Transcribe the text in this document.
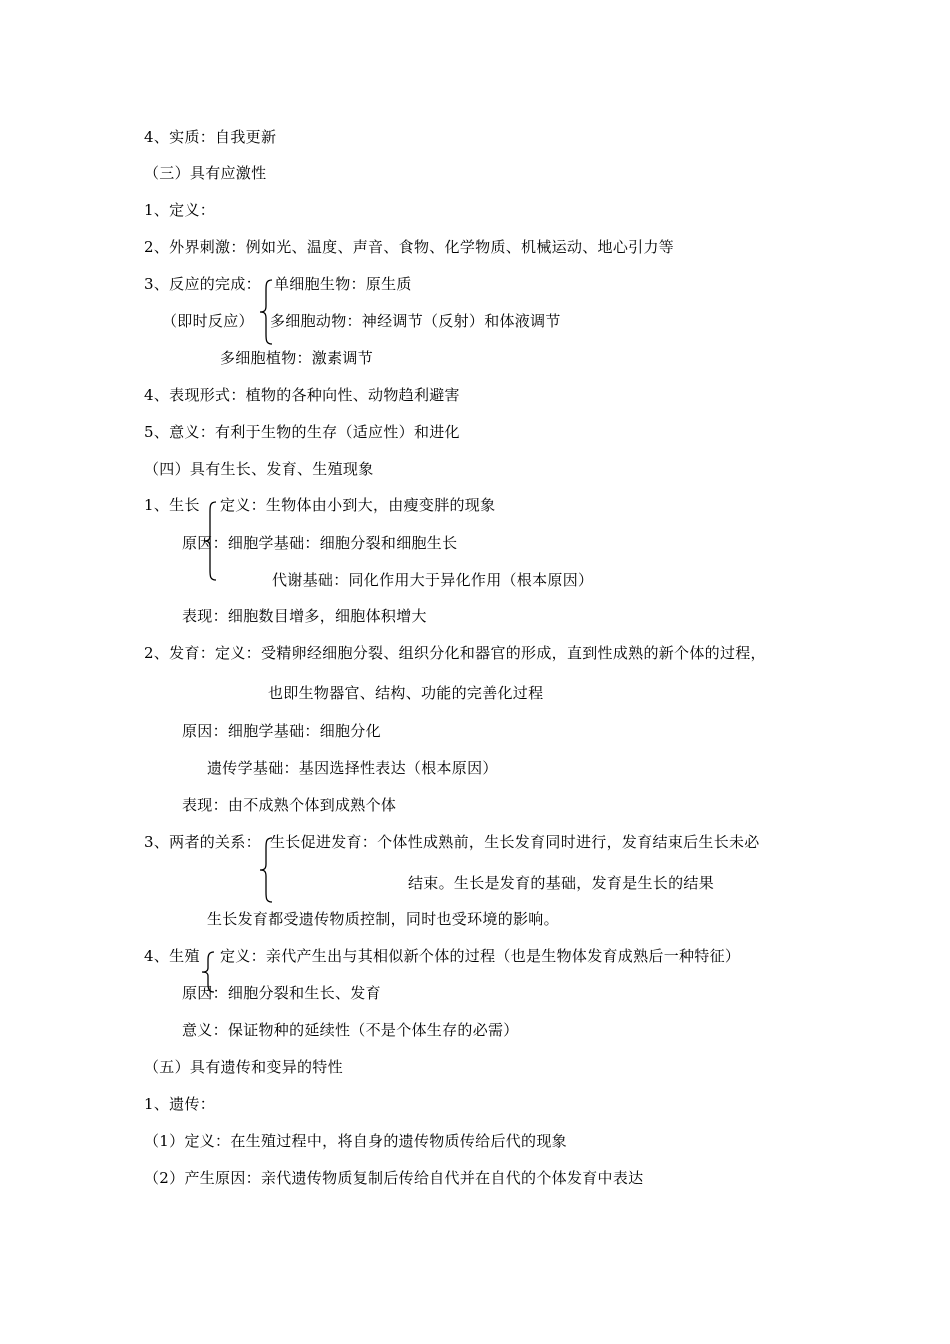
4、实质：自我更新
（三）具有应激性
1、定义：
2、外界刺激：例如光、温度、声音、食物、化学物质、机械运动、地心引力等
3、反应的完成： 单细胞生物：原生质
（即时反应） 多细胞动物：神经调节（反射）和体液调节
多细胞植物：激素调节
4、表现形式：植物的各种向性、动物趋利避害
5、意义：有利于生物的生存（适应性）和进化
（四）具有生长、发育、生殖现象
1、生长 定义：生物体由小到大，由瘦变胖的现象
原因：细胞学基础：细胞分裂和细胞生长
代谢基础：同化作用大于异化作用（根本原因）
表现：细胞数目增多，细胞体积增大
2、发育：定义：受精卵经细胞分裂、组织分化和器官的形成，直到性成熟的新个体的过程，
也即生物器官、结构、功能的完善化过程
原因：细胞学基础：细胞分化
遗传学基础：基因选择性表达（根本原因）
表现：由不成熟个体到成熟个体
3、两者的关系： 生长促进发育：个体性成熟前，生长发育同时进行，发育结束后生长未必
结束。生长是发育的基础，发育是生长的结果
生长发育都受遗传物质控制，同时也受环境的影响。
4、生殖 定义：亲代产生出与其相似新个体的过程（也是生物体发育成熟后一种特征）
原因：细胞分裂和生长、发育
意义：保证物种的延续性（不是个体生存的必需）
（五）具有遗传和变异的特性
1、遗传：
（1）定义：在生殖过程中，将自身的遗传物质传给后代的现象
（2）产生原因：亲代遗传物质复制后传给自代并在自代的个体发育中表达
